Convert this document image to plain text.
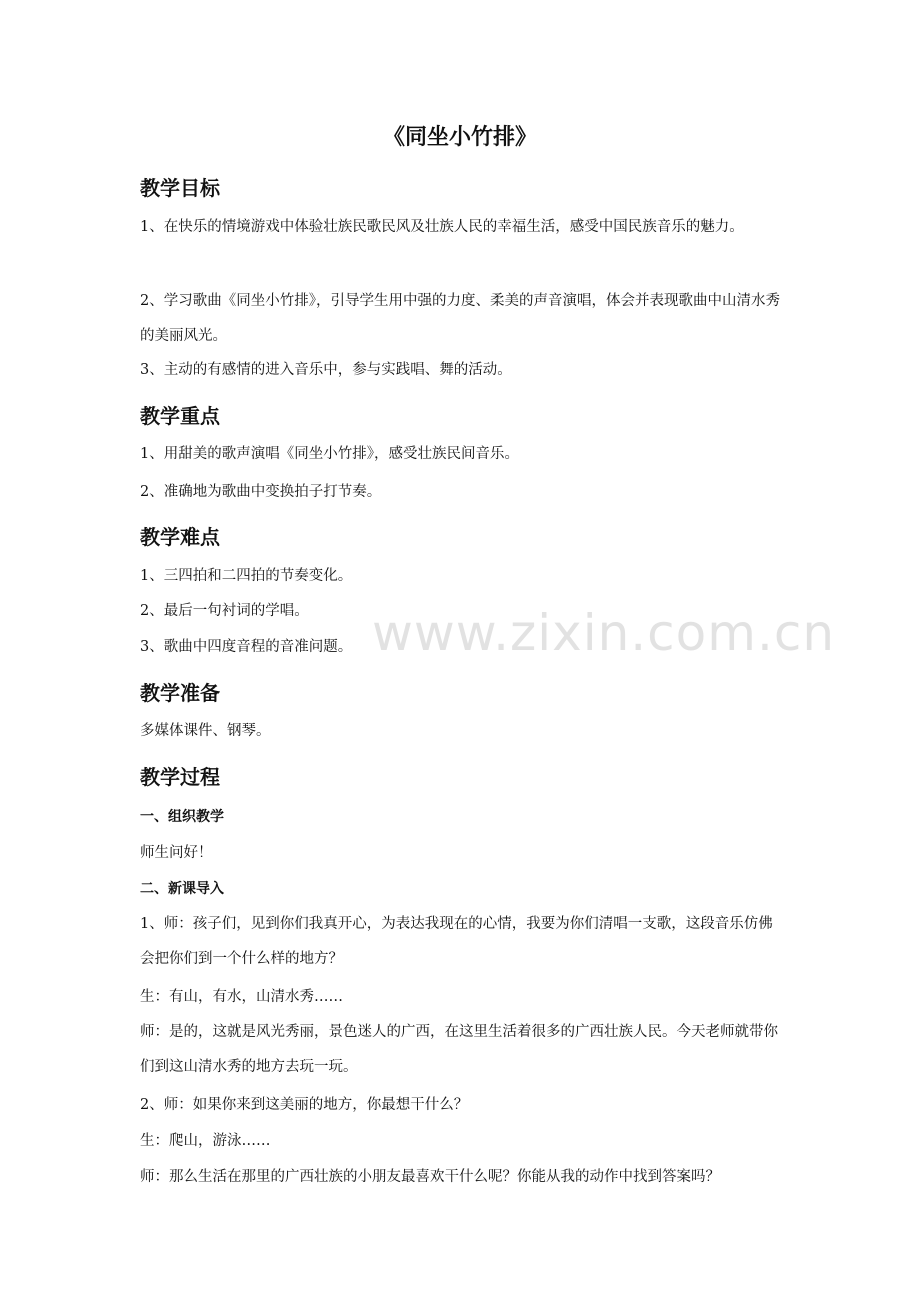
《同坐小竹排》
教学目标

1、在快乐的情境游戏中体验壮族民歌民风及壮族人民的幸福生活，感受中国民族音乐的魅力。

2、学习歌曲《同坐小竹排》，引导学生用中强的力度、柔美的声音演唱，体会并表现歌曲中山清水秀的美丽风光。

3、主动的有感情的进入音乐中，参与实践唱、舞的活动。

教学重点

1、用甜美的歌声演唱《同坐小竹排》，感受壮族民间音乐。

2、准确地为歌曲中变换拍子打节奏。

教学难点

1、三四拍和二四拍的节奏变化。

2、最后一句衬词的学唱。

3、歌曲中四度音程的音准问题。

教学准备

多媒体课件、钢琴。

教学过程
一、组织教学

师生问好！

二、新课导入

1、师：孩子们，见到你们我真开心，为表达我现在的心情，我要为你们清唱一支歌，这段音乐仿佛会把你们到一个什么样的地方？

生：有山，有水，山清水秀……

师：是的，这就是风光秀丽，景色迷人的广西，在这里生活着很多的广西壮族人民。今天老师就带你们到这山清水秀的地方去玩一玩。

2、师：如果你来到这美丽的地方，你最想干什么？

生：爬山，游泳……

师：那么生活在那里的广西壮族的小朋友最喜欢干什么呢？你能从我的动作中找到答案吗？

www.zixin.com.cn
